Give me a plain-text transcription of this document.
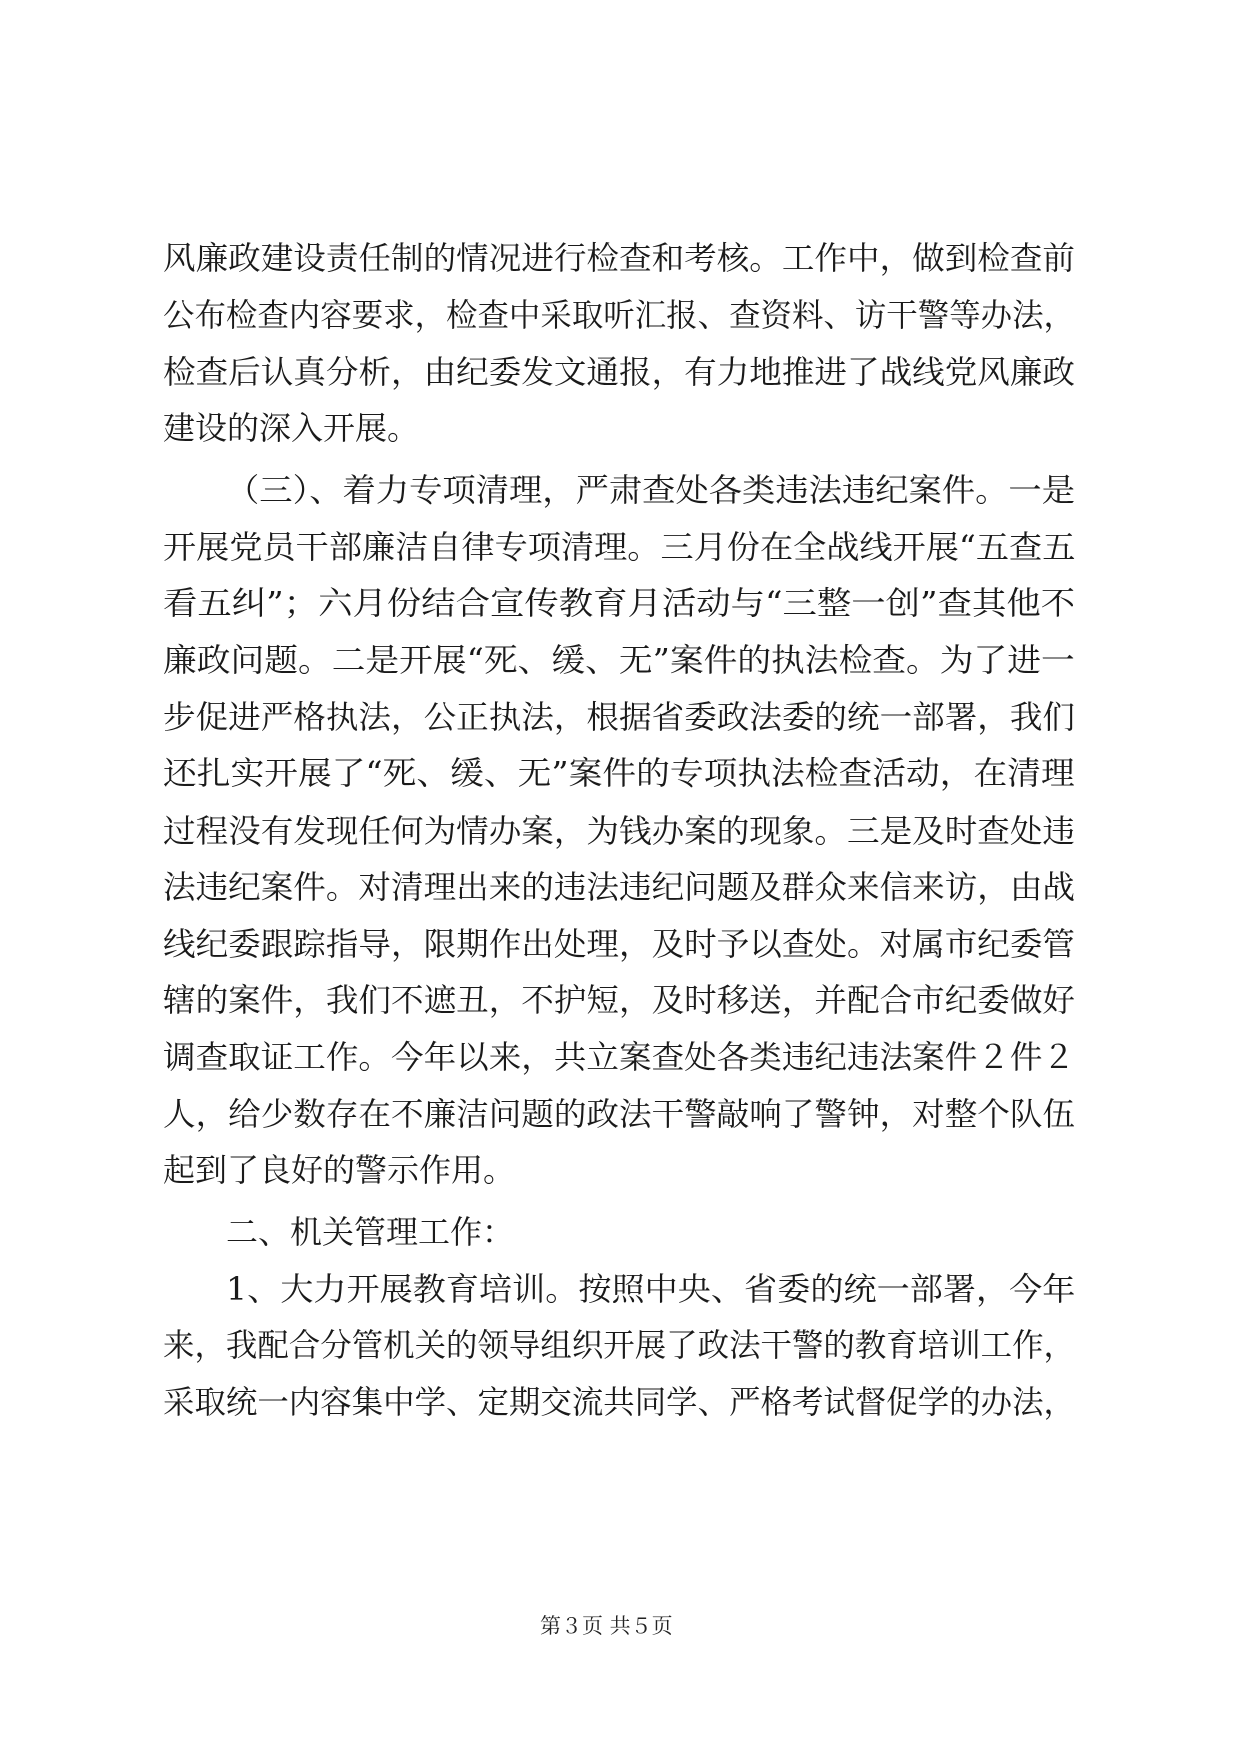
风廉政建设责任制的情况进行检查和考核。工作中，做到检查前

公布检查内容要求，检查中采取听汇报、查资料、访干警等办法，

检查后认真分析，由纪委发文通报，有力地推进了战线党风廉政

建设的深入开展。

（三）、着力专项清理，严肃查处各类违法违纪案件。一是

开展党员干部廉洁自律专项清理。三月份在全战线开展“五查五

看五纠”；六月份结合宣传教育月活动与“三整一创”查其他不

廉政问题。二是开展“死、缓、无”案件的执法检查。为了进一

步促进严格执法，公正执法，根据省委政法委的统一部署，我们

还扎实开展了“死、缓、无”案件的专项执法检查活动，在清理

过程没有发现任何为情办案，为钱办案的现象。三是及时查处违

法违纪案件。对清理出来的违法违纪问题及群众来信来访，由战

线纪委跟踪指导，限期作出处理，及时予以查处。对属市纪委管

辖的案件，我们不遮丑，不护短，及时移送，并配合市纪委做好

调查取证工作。今年以来，共立案查处各类违纪违法案件２件２

人，给少数存在不廉洁问题的政法干警敲响了警钟，对整个队伍

起到了良好的警示作用。

二、机关管理工作：

1、大力开展教育培训。按照中央、省委的统一部署，今年

来，我配合分管机关的领导组织开展了政法干警的教育培训工作，

采取统一内容集中学、定期交流共同学、严格考试督促学的办法，

第３页 共５页
